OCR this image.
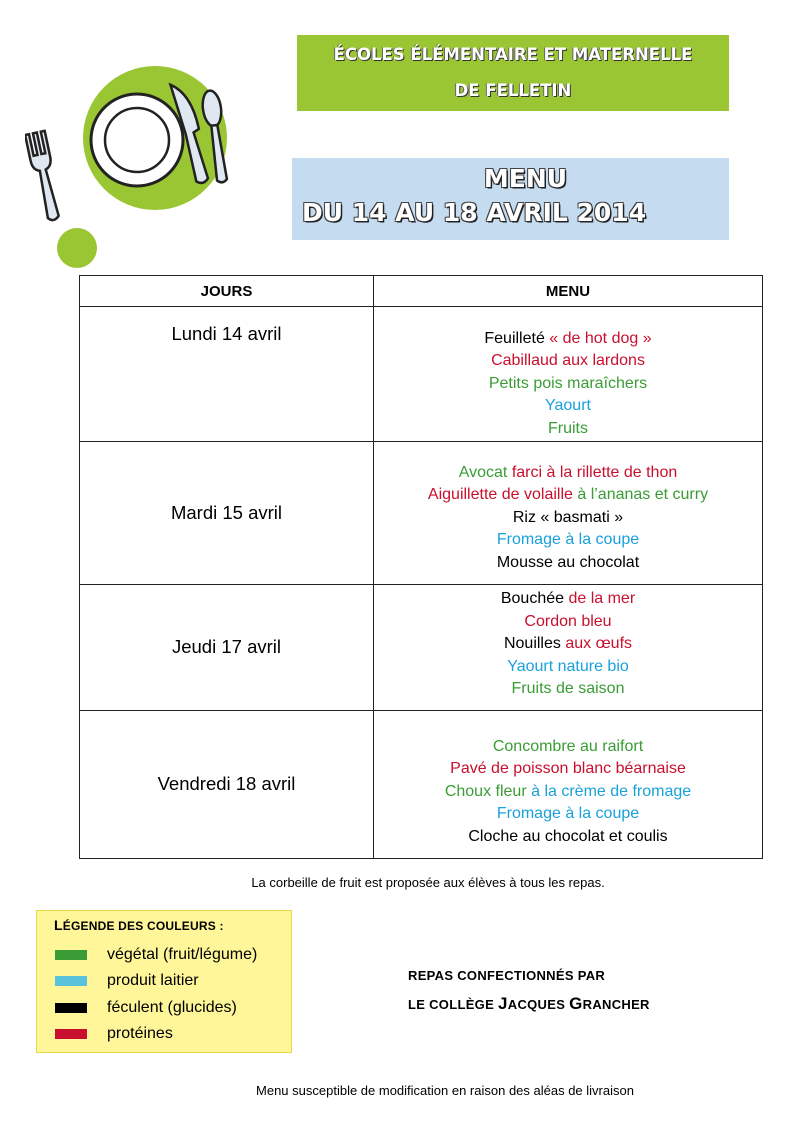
ÉCOLES ÉLÉMENTAIRE ET MATERNELLE
DE FELLETIN
MENU
DU 14 AU 18 AVRIL 2014
JOURS	MENU
Lundi 14 avril	Feuilleté « de hot dog »
Cabillaud aux lardons
Petits pois maraîchers
Yaourt
Fruits

Mardi 15 avril	Avocat farci à la rillette de thon
Aiguillette de volaille à l’ananas et curry
Riz « basmati »
Fromage à la coupe
Mousse au chocolat

Jeudi 17 avril	Bouchée de la mer
Cordon bleu
Nouilles aux œufs
Yaourt nature bio
Fruits de saison

Vendredi 18 avril	Concombre au raifort
Pavé de poisson blanc béarnaise
Choux fleur à la crème de fromage
Fromage à la coupe
Cloche au chocolat et coulis
La corbeille de fruit est proposée aux élèves à tous les repas.
LÉGENDE DES COULEURS :
végétal (fruit/légume)
produit laitier
féculent (glucides)
protéines
REPAS CONFECTIONNÉS PAR
LE COLLÈGE JACQUES GRANCHER
Menu susceptible de modification en raison des aléas de livraison
